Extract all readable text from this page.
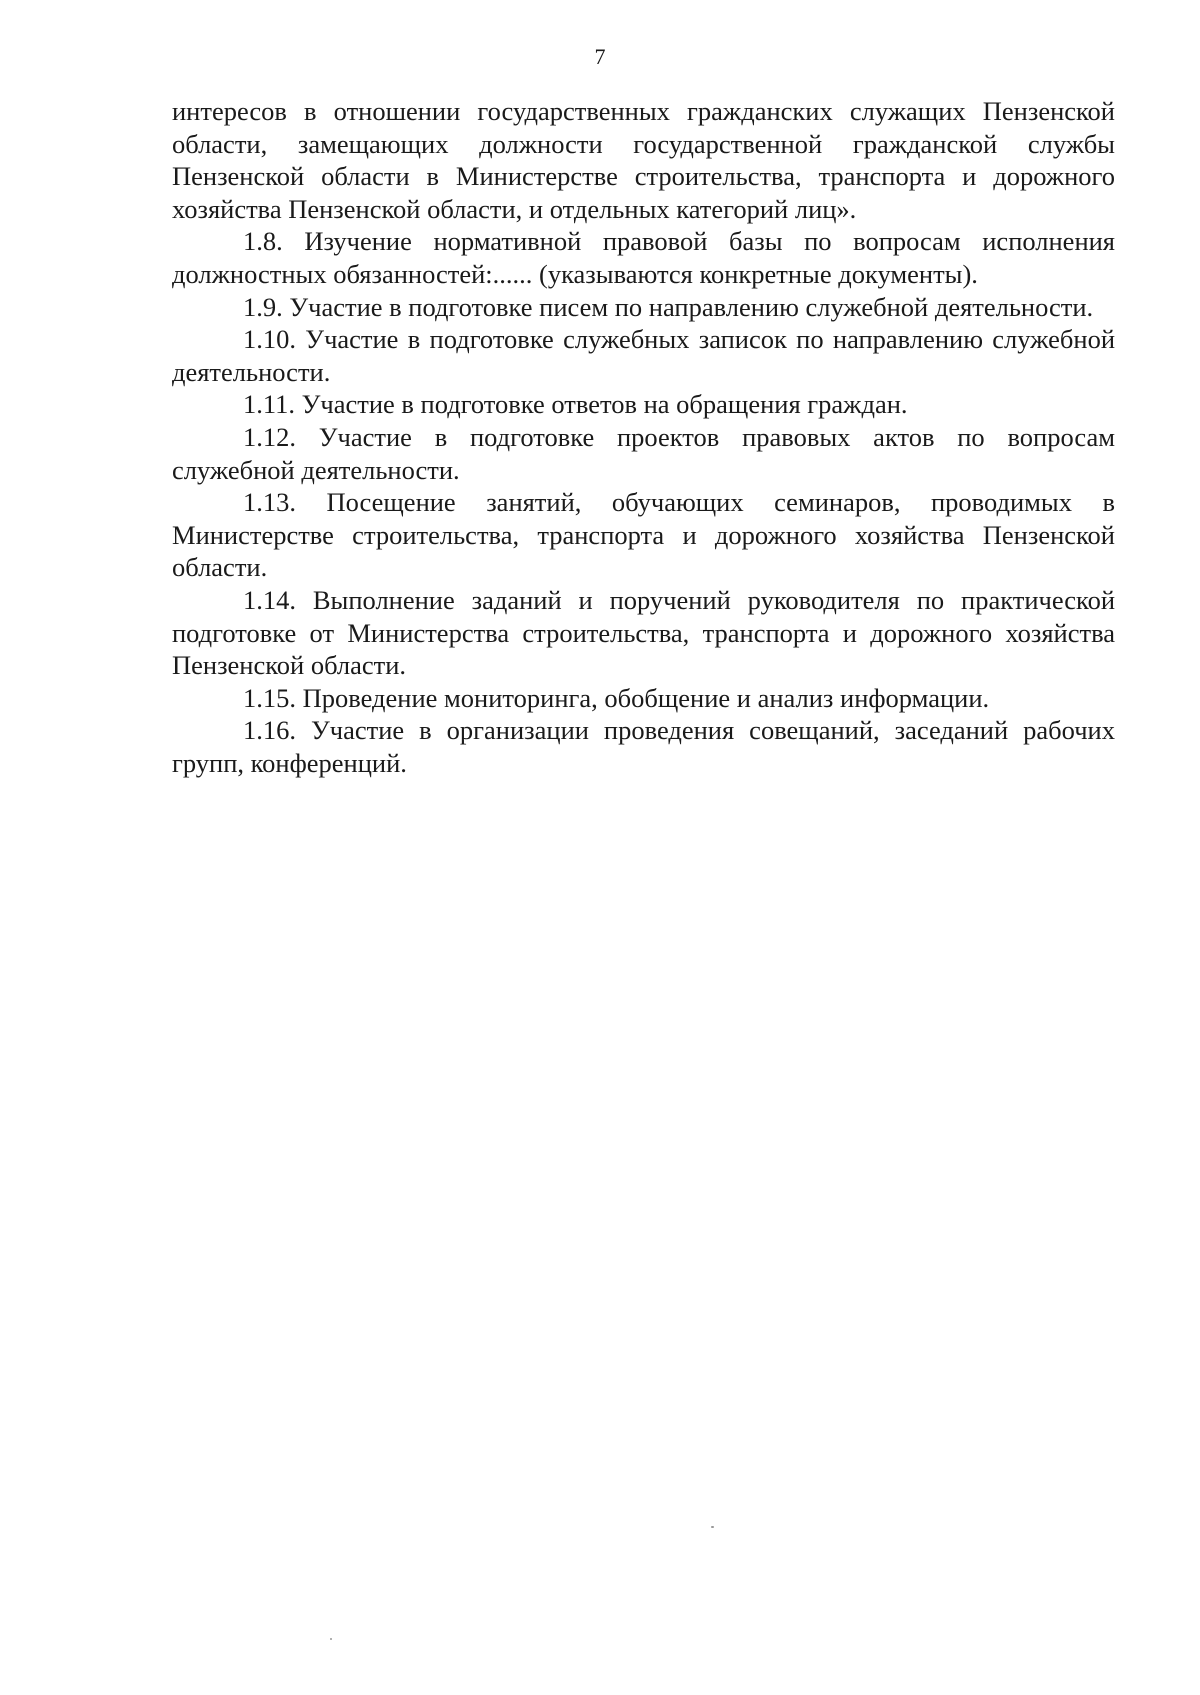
7

интересов в отношении государственных гражданских служащих Пензенской области, замещающих должности государственной гражданской службы Пензенской области в Министерстве строительства, транспорта и дорожного хозяйства Пензенской области, и отдельных категорий лиц».

1.8. Изучение нормативной правовой базы по вопросам исполнения должностных обязанностей:...... (указываются конкретные документы).

1.9. Участие в подготовке писем по направлению служебной деятельности.

1.10. Участие в подготовке служебных записок по направлению служебной деятельности.

1.11. Участие в подготовке ответов на обращения граждан.

1.12. Участие в подготовке проектов правовых актов по вопросам служебной деятельности.

1.13. Посещение занятий, обучающих семинаров, проводимых в Министерстве строительства, транспорта и дорожного хозяйства Пензенской области.

1.14. Выполнение заданий и поручений руководителя по практической подготовке от Министерства строительства, транспорта и дорожного хозяйства Пензенской области.

1.15. Проведение мониторинга, обобщение и анализ информации.

1.16. Участие в организации проведения совещаний, заседаний рабочих групп, конференций.
